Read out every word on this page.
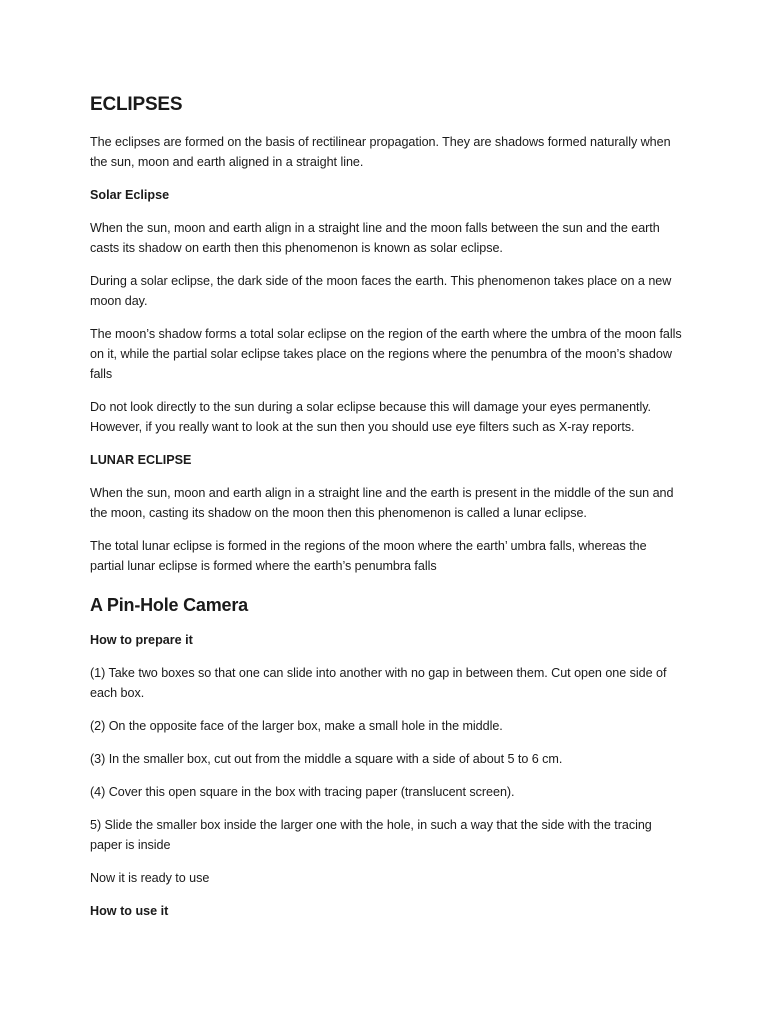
ECLIPSES

The eclipses are formed on the basis of rectilinear propagation. They are shadows formed naturally when the sun, moon and earth aligned in a straight line.

Solar Eclipse

When the sun, moon and earth align in a straight line and the moon falls between the sun and the earth casts its shadow on earth then this phenomenon is known as solar eclipse.

During a solar eclipse, the dark side of the moon faces the earth. This phenomenon takes place on a new moon day.

The moon’s shadow forms a total solar eclipse on the region of the earth where the umbra of the moon falls on it, while the partial solar eclipse takes place on the regions where the penumbra of the moon’s shadow falls

Do not look directly to the sun during a solar eclipse because this will damage your eyes permanently. However, if you really want to look at the sun then you should use eye filters such as X-ray reports.

LUNAR ECLIPSE

When the sun, moon and earth align in a straight line and the earth is present in the middle of the sun and the moon, casting its shadow on the moon then this phenomenon is called a lunar eclipse.

The total lunar eclipse is formed in the regions of the moon where the earth’ umbra falls, whereas the partial lunar eclipse is formed where the earth’s penumbra falls

A Pin-Hole Camera
How to prepare it

(1) Take two boxes so that one can slide into another with no gap in between them. Cut open one side of each box.

(2) On the opposite face of the larger box, make a small hole in the middle.

(3) In the smaller box, cut out from the middle a square with a side of about 5 to 6 cm.

(4) Cover this open square in the box with tracing paper (translucent screen).

5) Slide the smaller box inside the larger one with the hole, in such a way that the side with the tracing paper is inside

Now it is ready to use

How to use it
